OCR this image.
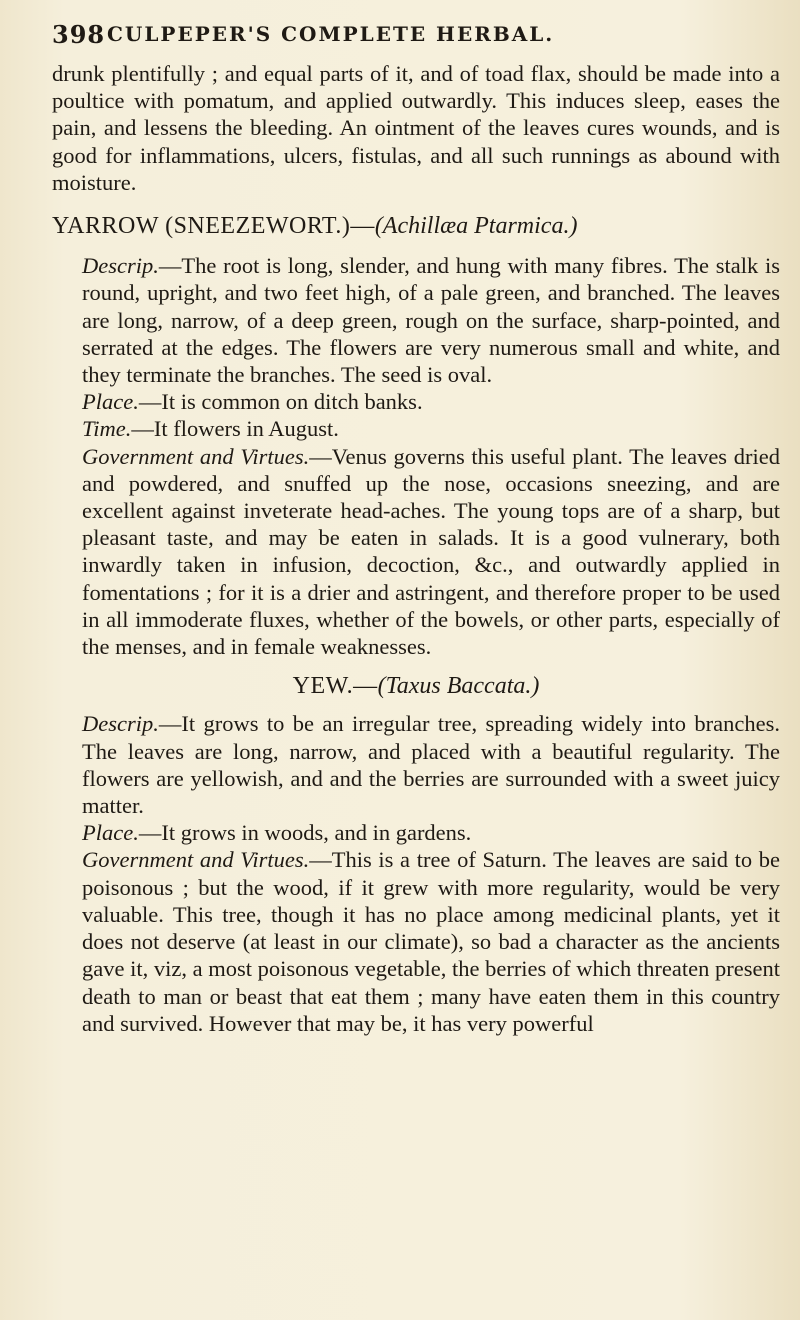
398 CULPEPER'S COMPLETE HERBAL.

drunk plentifully ; and equal parts of it, and of toad flax, should be made into a poultice with pomatum, and applied outwardly. This induces sleep, eases the pain, and lessens the bleeding. An ointment of the leaves cures wounds, and is good for inflammations, ulcers, fistulas, and all such runnings as abound with moisture.

YARROW (SNEEZEWORT.)—(Achillæa Ptarmica.)

Descrip.—The root is long, slender, and hung with many fibres. The stalk is round, upright, and two feet high, of a pale green, and branched. The leaves are long, narrow, of a deep green, rough on the surface, sharp-pointed, and serrated at the edges. The flowers are very numerous small and white, and they terminate the branches. The seed is oval.

Place.—It is common on ditch banks.

Time.—It flowers in August.

Government and Virtues.—Venus governs this useful plant. The leaves dried and powdered, and snuffed up the nose, occasions sneezing, and are excellent against inveterate head-aches. The young tops are of a sharp, but pleasant taste, and may be eaten in salads. It is a good vulnerary, both inwardly taken in infusion, decoction, &c., and outwardly applied in fomentations ; for it is a drier and astringent, and therefore proper to be used in all immoderate fluxes, whether of the bowels, or other parts, especially of the menses, and in female weaknesses.

YEW.—(Taxus Baccata.)

Descrip.—It grows to be an irregular tree, spreading widely into branches. The leaves are long, narrow, and placed with a beautiful regularity. The flowers are yellowish, and and the berries are surrounded with a sweet juicy matter.

Place.—It grows in woods, and in gardens.

Government and Virtues.—This is a tree of Saturn. The leaves are said to be poisonous ; but the wood, if it grew with more regularity, would be very valuable. This tree, though it has no place among medicinal plants, yet it does not deserve (at least in our climate), so bad a character as the ancients gave it, viz, a most poisonous vegetable, the berries of which threaten present death to man or beast that eat them ; many have eaten them in this country and survived. However that may be, it has very powerful
